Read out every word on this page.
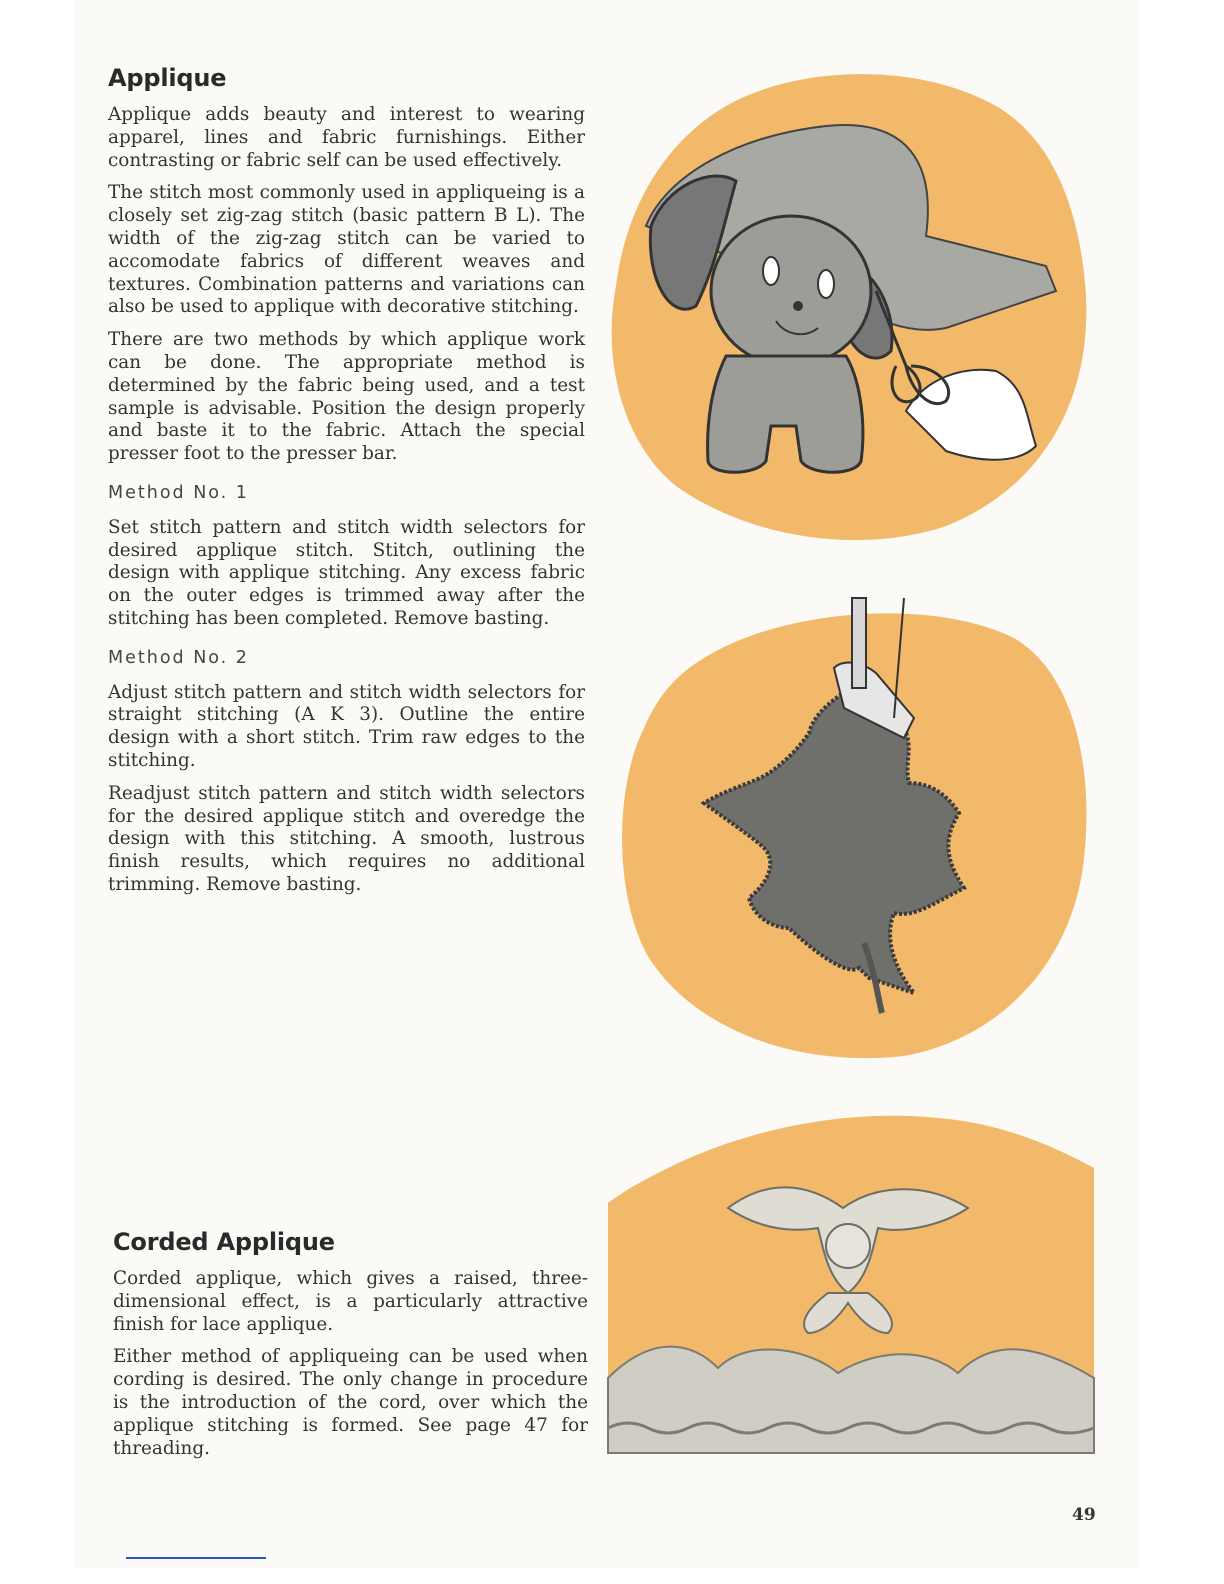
Applique

Applique adds beauty and interest to wearing apparel, lines and fabric furnishings. Either contrasting or fabric self can be used effectively.

The stitch most commonly used in appliqueing is a closely set zig-zag stitch (basic pattern B L). The width of the zig-zag stitch can be varied to accomodate fabrics of different weaves and textures. Combination patterns and variations can also be used to applique with decorative stitching.

There are two methods by which applique work can be done. The appropriate method is determined by the fabric being used, and a test sample is advisable. Position the design properly and baste it to the fabric. Attach the special presser foot to the presser bar.

Method No. 1

Set stitch pattern and stitch width selectors for desired applique stitch. Stitch, outlining the design with applique stitching. Any excess fabric on the outer edges is trimmed away after the stitching has been completed. Remove basting.

Method No. 2

Adjust stitch pattern and stitch width selectors for straight stitching (A K 3). Outline the entire design with a short stitch. Trim raw edges to the stitching.

Readjust stitch pattern and stitch width selectors for the desired applique stitch and overedge the design with this stitching. A smooth, lustrous finish results, which requires no additional trimming. Remove basting.

Corded Applique

Corded applique, which gives a raised, three-dimensional effect, is a particularly attractive finish for lace applique.

Either method of appliqueing can be used when cording is desired. The only change in procedure is the introduction of the cord, over which the applique stitching is formed. See page 47 for threading.

49
